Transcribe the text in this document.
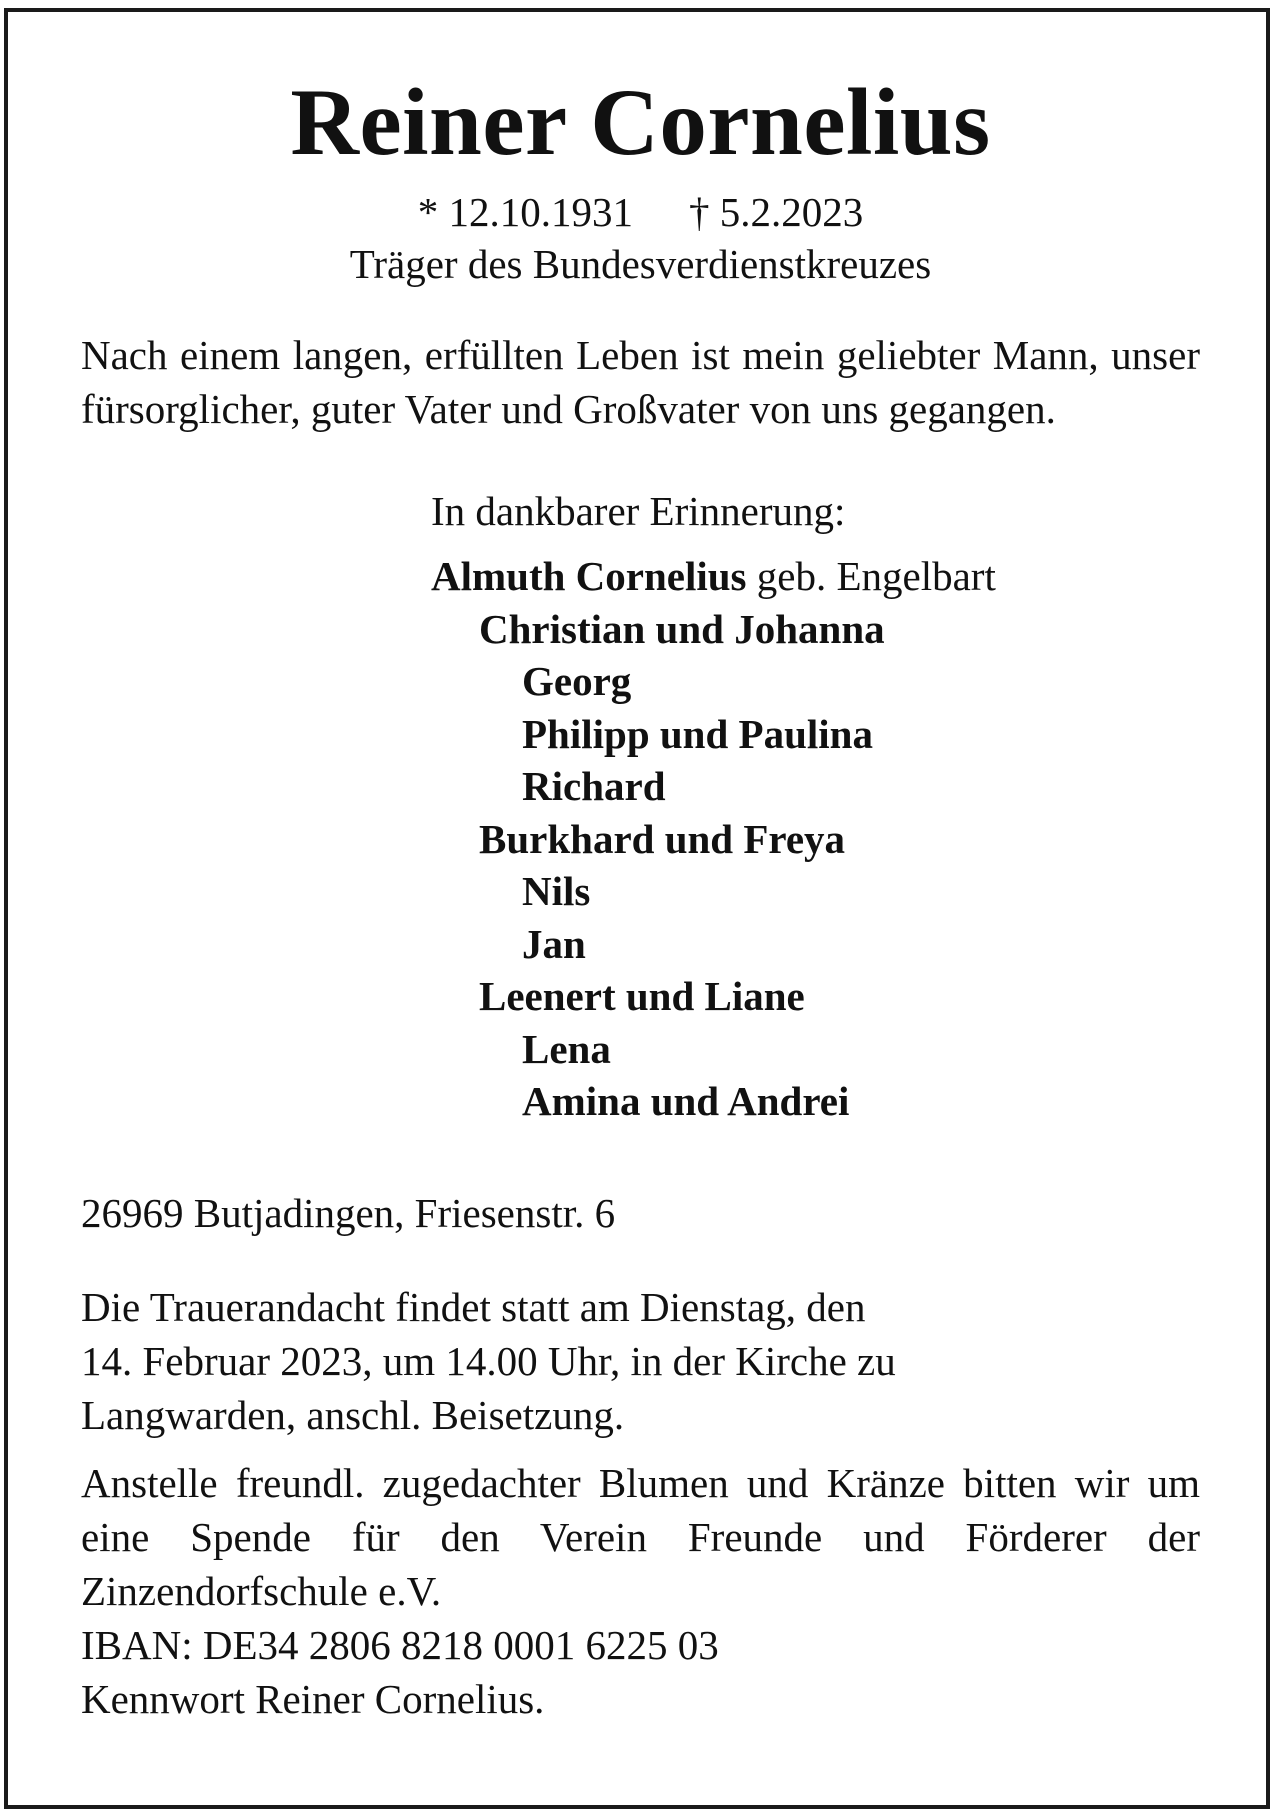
Reiner Cornelius
* 12.10.1931 † 5.2.2023
Träger des Bundesverdienstkreuzes

Nach einem langen, erfüllten Leben ist mein geliebter Mann, unser fürsorglicher, guter Vater und Großvater von uns gegangen.

In dankbarer Erinnerung:
Almuth Cornelius geb. Engelbart
Christian und Johanna
Georg
Philipp und Paulina
Richard
Burkhard und Freya
Nils
Jan
Leenert und Liane
Lena
Amina und Andrei
26969 Butjadingen, Friesenstr. 6
Die Trauerandacht findet statt am Dienstag, den
14. Februar 2023, um 14.00 Uhr, in der Kirche zu
Langwarden, anschl. Beisetzung.

Anstelle freundl. zugedachter Blumen und Kränze bitten wir um eine Spende für den Verein Freunde und Förderer der Zinzendorfschule e.V.

IBAN: DE34 2806 8218 0001 6225 03
Kennwort Reiner Cornelius.
